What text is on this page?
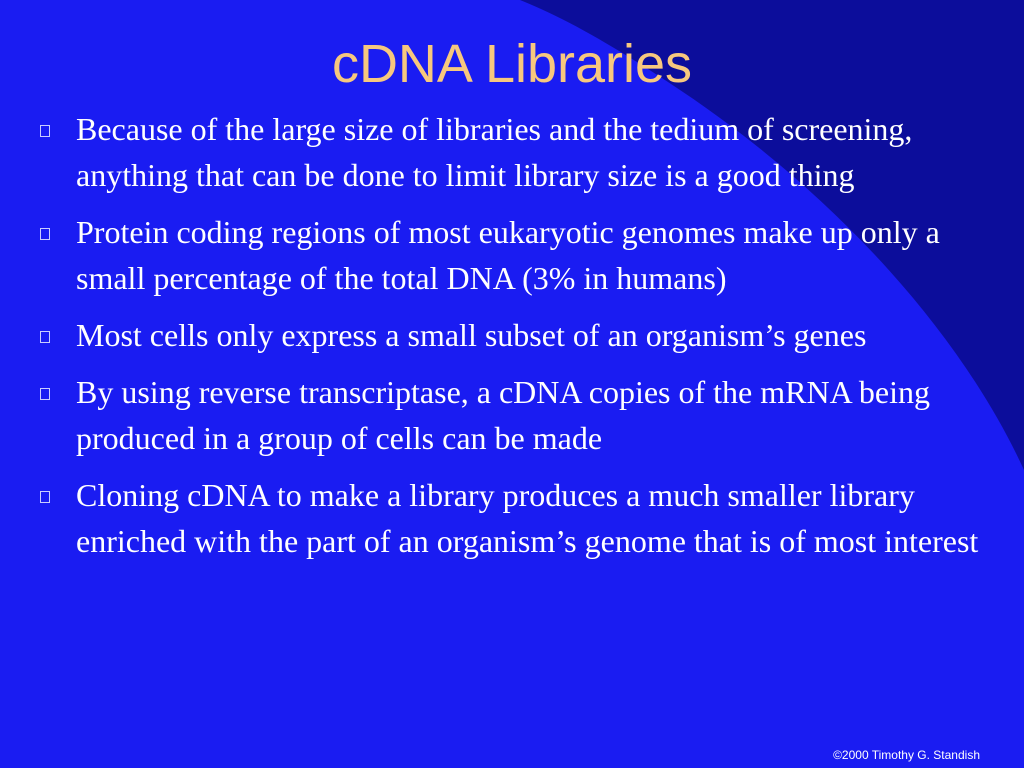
cDNA Libraries
Because of the large size of libraries and the tedium of screening, anything that can be done to limit library size is a good thing
Protein coding regions of most eukaryotic genomes make up only a small percentage of the total DNA (3% in humans)
Most cells only express a small subset of an organism’s genes
By using reverse transcriptase, a cDNA copies of the mRNA being produced in a group of cells can be made
Cloning cDNA to make a library produces a much smaller library enriched with the part of an organism’s genome that is of most interest
©2000 Timothy G. Standish
